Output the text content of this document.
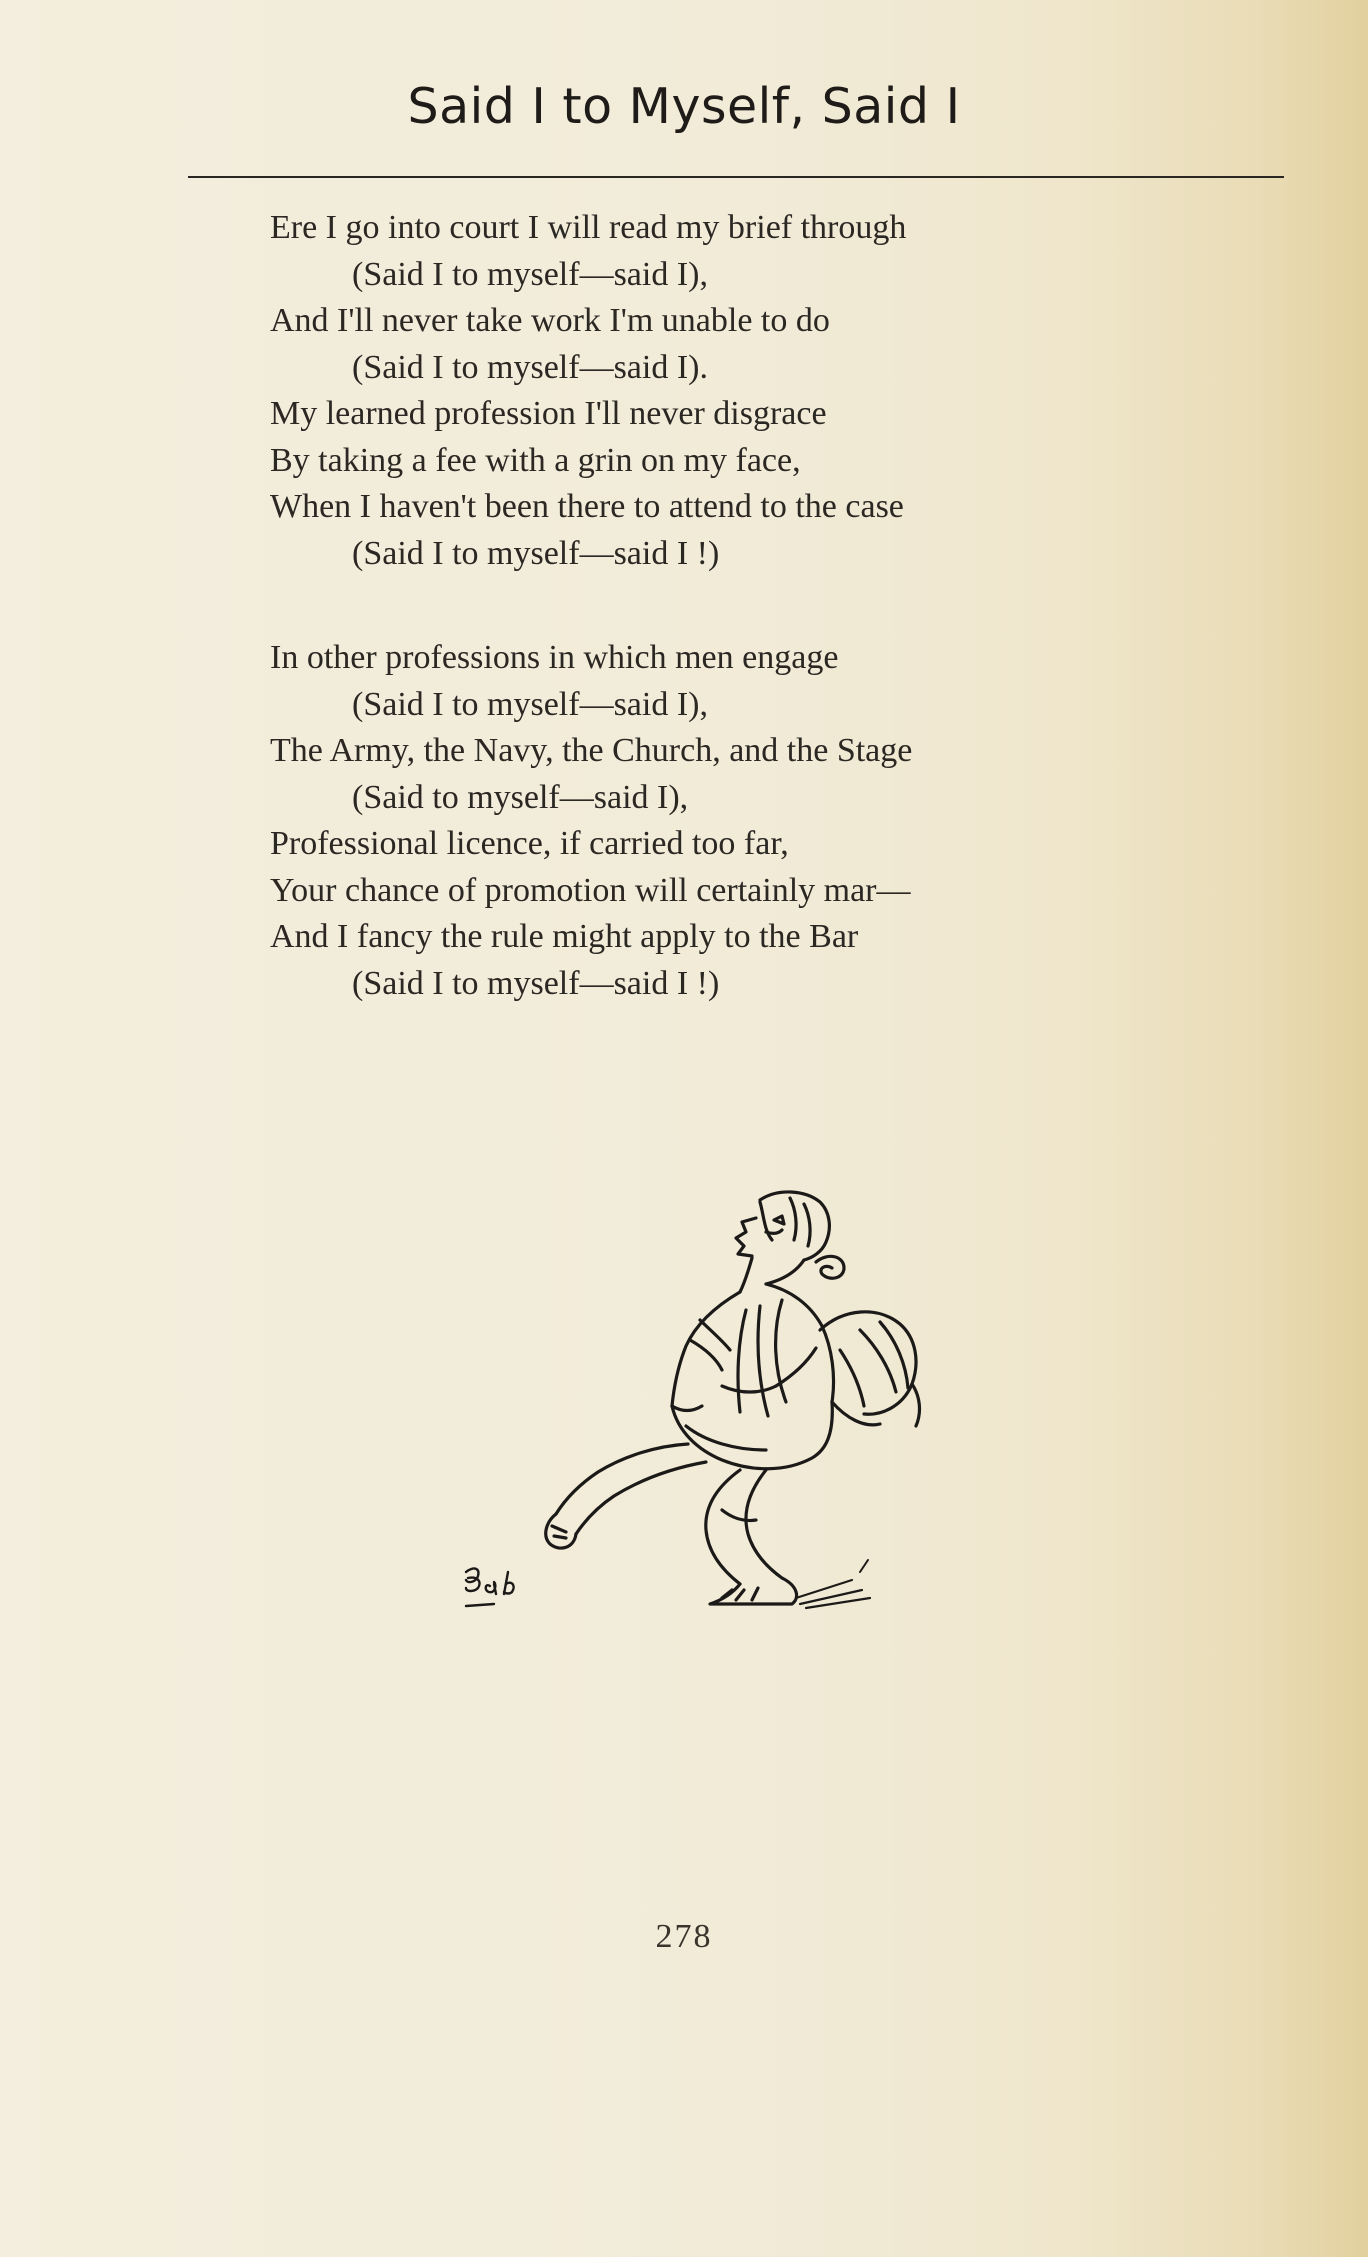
Said I to Myself, Said I
Ere I go into court I will read my brief through
(Said I to myself—said I),
And I'll never take work I'm unable to do
(Said I to myself—said I).
My learned profession I'll never disgrace
By taking a fee with a grin on my face,
When I haven't been there to attend to the case
(Said I to myself—said I !)
In other professions in which men engage
(Said I to myself—said I),
The Army, the Navy, the Church, and the Stage
(Said to myself—said I),
Professional licence, if carried too far,
Your chance of promotion will certainly mar—
And I fancy the rule might apply to the Bar
(Said I to myself—said I !)
278
